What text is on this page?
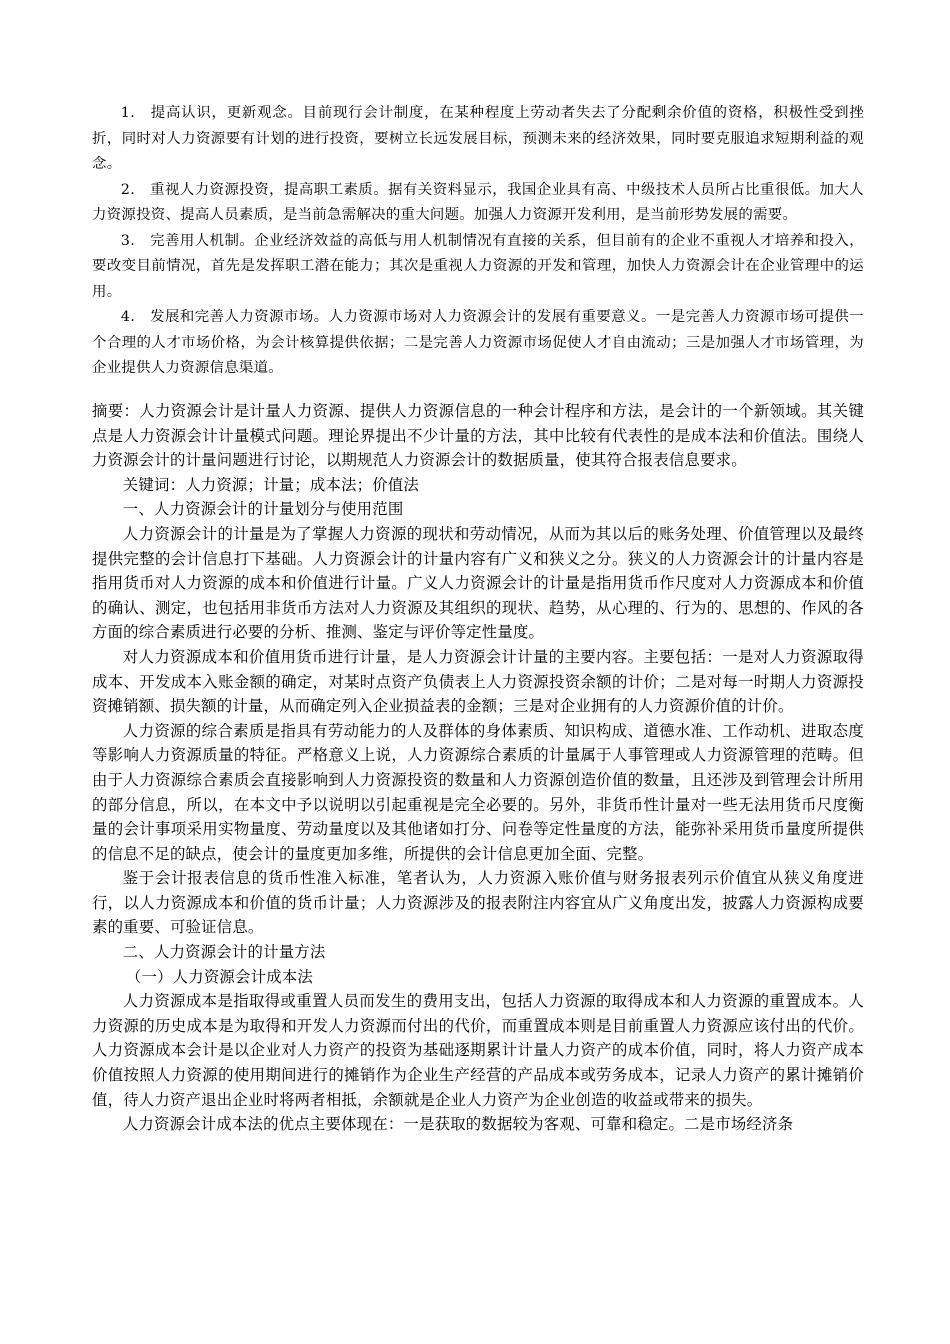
1.　提高认识，更新观念。目前现行会计制度，在某种程度上劳动者失去了分配剩余价值的资格，积极性受到挫折，同时对人力资源要有计划的进行投资，要树立长远发展目标，预测未来的经济效果，同时要克服追求短期利益的观念。

2.　重视人力资源投资，提高职工素质。据有关资料显示，我国企业具有高、中级技术人员所占比重很低。加大人力资源投资、提高人员素质，是当前急需解决的重大问题。加强人力资源开发利用，是当前形势发展的需要。

3.　完善用人机制。企业经济效益的高低与用人机制情况有直接的关系，但目前有的企业不重视人才培养和投入，要改变目前情况，首先是发挥职工潜在能力；其次是重视人力资源的开发和管理，加快人力资源会计在企业管理中的运用。

4.　发展和完善人力资源市场。人力资源市场对人力资源会计的发展有重要意义。一是完善人力资源市场可提供一个合理的人才市场价格，为会计核算提供依据；二是完善人力资源市场促使人才自由流动；三是加强人才市场管理，为企业提供人力资源信息渠道。

摘要：人力资源会计是计量人力资源、提供人力资源信息的一种会计程序和方法，是会计的一个新领域。其关键点是人力资源会计计量模式问题。理论界提出不少计量的方法，其中比较有代表性的是成本法和价值法。围绕人力资源会计的计量问题进行讨论，以期规范人力资源会计的数据质量，使其符合报表信息要求。

关键词：人力资源；计量；成本法；价值法

一、人力资源会计的计量划分与使用范围

人力资源会计的计量是为了掌握人力资源的现状和劳动情况，从而为其以后的账务处理、价值管理以及最终提供完整的会计信息打下基础。人力资源会计的计量内容有广义和狭义之分。狭义的人力资源会计的计量内容是指用货币对人力资源的成本和价值进行计量。广义人力资源会计的计量是指用货币作尺度对人力资源成本和价值的确认、测定，也包括用非货币方法对人力资源及其组织的现状、趋势，从心理的、行为的、思想的、作风的各方面的综合素质进行必要的分析、推测、鉴定与评价等定性量度。

对人力资源成本和价值用货币进行计量，是人力资源会计计量的主要内容。主要包括：一是对人力资源取得成本、开发成本入账金额的确定，对某时点资产负债表上人力资源投资余额的计价；二是对每一时期人力资源投资摊销额、损失额的计量，从而确定列入企业损益表的金额；三是对企业拥有的人力资源价值的计价。

人力资源的综合素质是指具有劳动能力的人及群体的身体素质、知识构成、道德水准、工作动机、进取态度等影响人力资源质量的特征。严格意义上说，人力资源综合素质的计量属于人事管理或人力资源管理的范畴。但由于人力资源综合素质会直接影响到人力资源投资的数量和人力资源创造价值的数量，且还涉及到管理会计所用的部分信息，所以，在本文中予以说明以引起重视是完全必要的。另外，非货币性计量对一些无法用货币尺度衡量的会计事项采用实物量度、劳动量度以及其他诸如打分、问卷等定性量度的方法，能弥补采用货币量度所提供的信息不足的缺点，使会计的量度更加多维，所提供的会计信息更加全面、完整。

鉴于会计报表信息的货币性准入标准，笔者认为，人力资源入账价值与财务报表列示价值宜从狭义角度进行，以人力资源成本和价值的货币计量；人力资源涉及的报表附注内容宜从广义角度出发，披露人力资源构成要素的重要、可验证信息。

二、人力资源会计的计量方法

（一）人力资源会计成本法

人力资源成本是指取得或重置人员而发生的费用支出，包括人力资源的取得成本和人力资源的重置成本。人力资源的历史成本是为取得和开发人力资源而付出的代价，而重置成本则是目前重置人力资源应该付出的代价。人力资源成本会计是以企业对人力资产的投资为基础逐期累计计量人力资产的成本价值，同时，将人力资产成本价值按照人力资源的使用期间进行的摊销作为企业生产经营的产品成本或劳务成本，记录人力资产的累计摊销价值，待人力资产退出企业时将两者相抵，余额就是企业人力资产为企业创造的收益或带来的损失。

人力资源会计成本法的优点主要体现在：一是获取的数据较为客观、可靠和稳定。二是市场经济条
